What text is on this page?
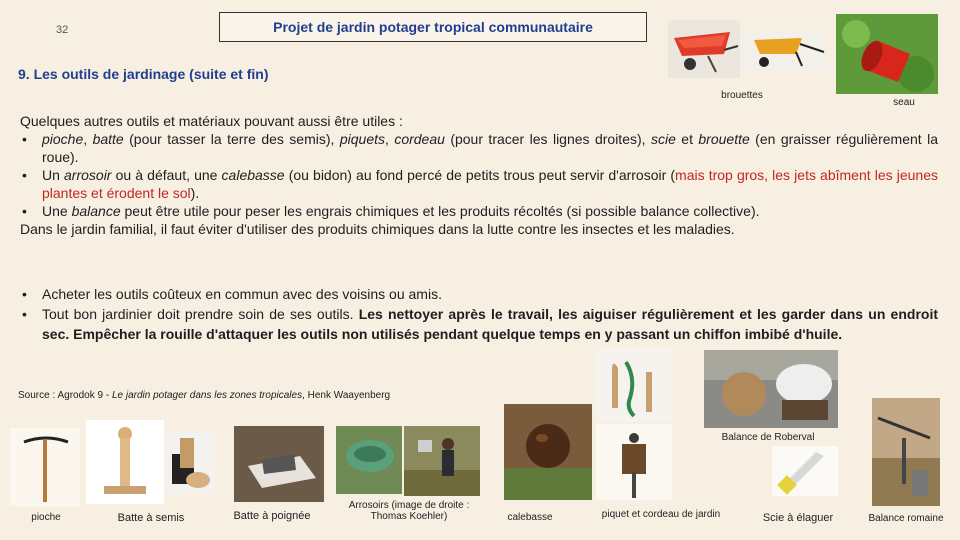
32	Projet de jardin potager tropical communautaire
9. Les outils de jardinage (suite et fin)
brouettes
seau
Quelques autres outils et matériaux pouvant aussi être utiles :
• pioche, batte (pour tasser la terre des semis), piquets, cordeau (pour tracer les lignes droites), scie et brouette (en graisser régulièrement la roue).
• Un arrosoir ou à défaut, une calebasse (ou bidon) au fond percé de petits trous peut servir d'arrosoir (mais trop gros, les jets abîment les jeunes plantes et érodent le sol).
• Une balance peut être utile pour peser les engrais chimiques et les produits récoltés (si possible balance collective).
Dans le jardin familial, il faut éviter d'utiliser des produits chimiques dans la lutte contre les insectes et les maladies.
• Acheter les outils coûteux en commun avec des voisins ou amis.
• Tout bon jardinier doit prendre soin de ses outils. Les nettoyer après le travail, les aiguiser régulièrement et les garder dans un endroit sec. Empêcher la rouille d'attaquer les outils non utilisés pendant quelque temps en y passant un chiffon imbibé d'huile.
Source : Agrodok 9 - Le jardin potager dans les zones tropicales, Henk Waayenberg
pioche	Batte à semis	Batte à poignée
Arrosoirs (image de droite : Thomas Koehler)	calebasse	piquet et cordeau de jardin
Balance de Roberval
Scie à élaguer	Balance romaine
